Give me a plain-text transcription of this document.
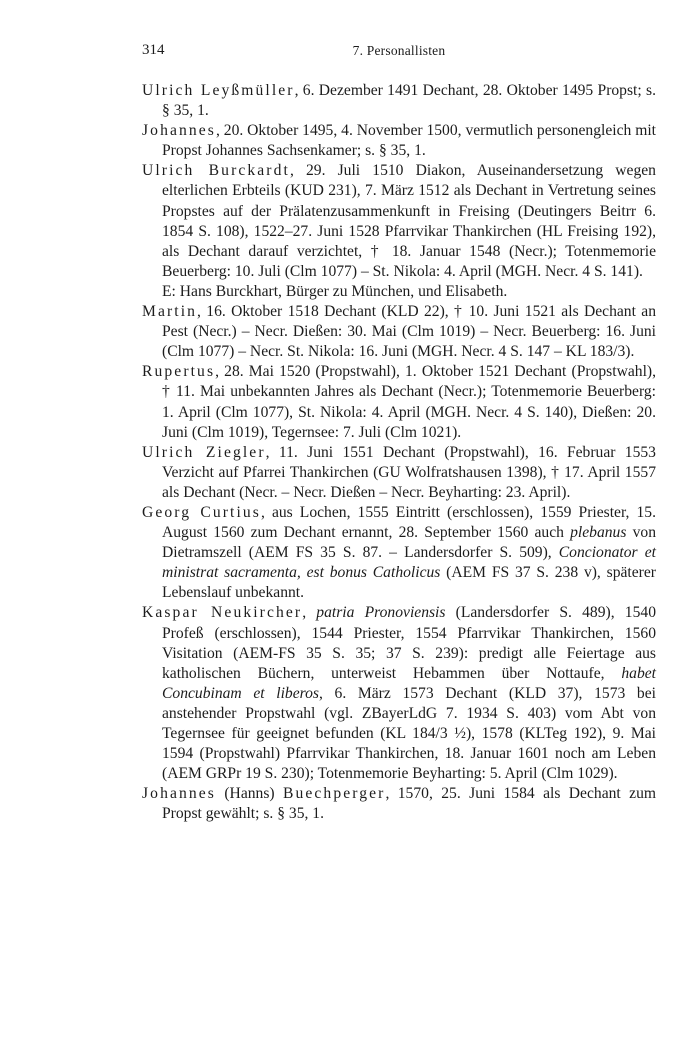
314	7. Personallisten

Ulrich Leyßmüller, 6. Dezember 1491 Dechant, 28. Oktober 1495 Propst; s. § 35, 1.

Johannes, 20. Oktober 1495, 4. November 1500, vermutlich personengleich mit Propst Johannes Sachsenkamer; s. § 35, 1.

Ulrich Burckardt, 29. Juli 1510 Diakon, Auseinandersetzung wegen elterlichen Erbteils (KUD 231), 7. März 1512 als Dechant in Vertretung seines Propstes auf der Prälatenzusammenkunft in Freising (Deutingers Beitrr 6. 1854 S. 108), 1522–27. Juni 1528 Pfarrvikar Thankirchen (HL Freising 192), als Dechant darauf verzichtet, † 18. Januar 1548 (Necr.); Totenmemorie Beuerberg: 10. Juli (Clm 1077) – St. Nikola: 4. April (MGH. Necr. 4 S. 141).

E: Hans Burckhart, Bürger zu München, und Elisabeth.

Martin, 16. Oktober 1518 Dechant (KLD 22), † 10. Juni 1521 als Dechant an Pest (Necr.) – Necr. Dießen: 30. Mai (Clm 1019) – Necr. Beuerberg: 16. Juni (Clm 1077) – Necr. St. Nikola: 16. Juni (MGH. Necr. 4 S. 147 – KL 183/3).

Rupertus, 28. Mai 1520 (Propstwahl), 1. Oktober 1521 Dechant (Propstwahl), † 11. Mai unbekannten Jahres als Dechant (Necr.); Totenmemorie Beuerberg: 1. April (Clm 1077), St. Nikola: 4. April (MGH. Necr. 4 S. 140), Dießen: 20. Juni (Clm 1019), Tegernsee: 7. Juli (Clm 1021).

Ulrich Ziegler, 11. Juni 1551 Dechant (Propstwahl), 16. Februar 1553 Verzicht auf Pfarrei Thankirchen (GU Wolfratshausen 1398), † 17. April 1557 als Dechant (Necr. – Necr. Dießen – Necr. Beyharting: 23. April).

Georg Curtius, aus Lochen, 1555 Eintritt (erschlossen), 1559 Priester, 15. August 1560 zum Dechant ernannt, 28. September 1560 auch plebanus von Dietramszell (AEM FS 35 S. 87. – Landersdorfer S. 509), Concionator et ministrat sacramenta, est bonus Catholicus (AEM FS 37 S. 238 v), späterer Lebenslauf unbekannt.

Kaspar Neukircher, patria Pronoviensis (Landersdorfer S. 489), 1540 Profeß (erschlossen), 1544 Priester, 1554 Pfarrvikar Thankirchen, 1560 Visitation (AEM-FS 35 S. 35; 37 S. 239): predigt alle Feiertage aus katholischen Büchern, unterweist Hebammen über Nottaufe, habet Concubinam et liberos, 6. März 1573 Dechant (KLD 37), 1573 bei anstehender Propstwahl (vgl. ZBayerLdG 7. 1934 S. 403) vom Abt von Tegernsee für geeignet befunden (KL 184/3 ½), 1578 (KLTeg 192), 9. Mai 1594 (Propstwahl) Pfarrvikar Thankirchen, 18. Januar 1601 noch am Leben (AEM GRPr 19 S. 230); Totenmemorie Beyharting: 5. April (Clm 1029).

Johannes (Hanns) Buechperger, 1570, 25. Juni 1584 als Dechant zum Propst gewählt; s. § 35, 1.
